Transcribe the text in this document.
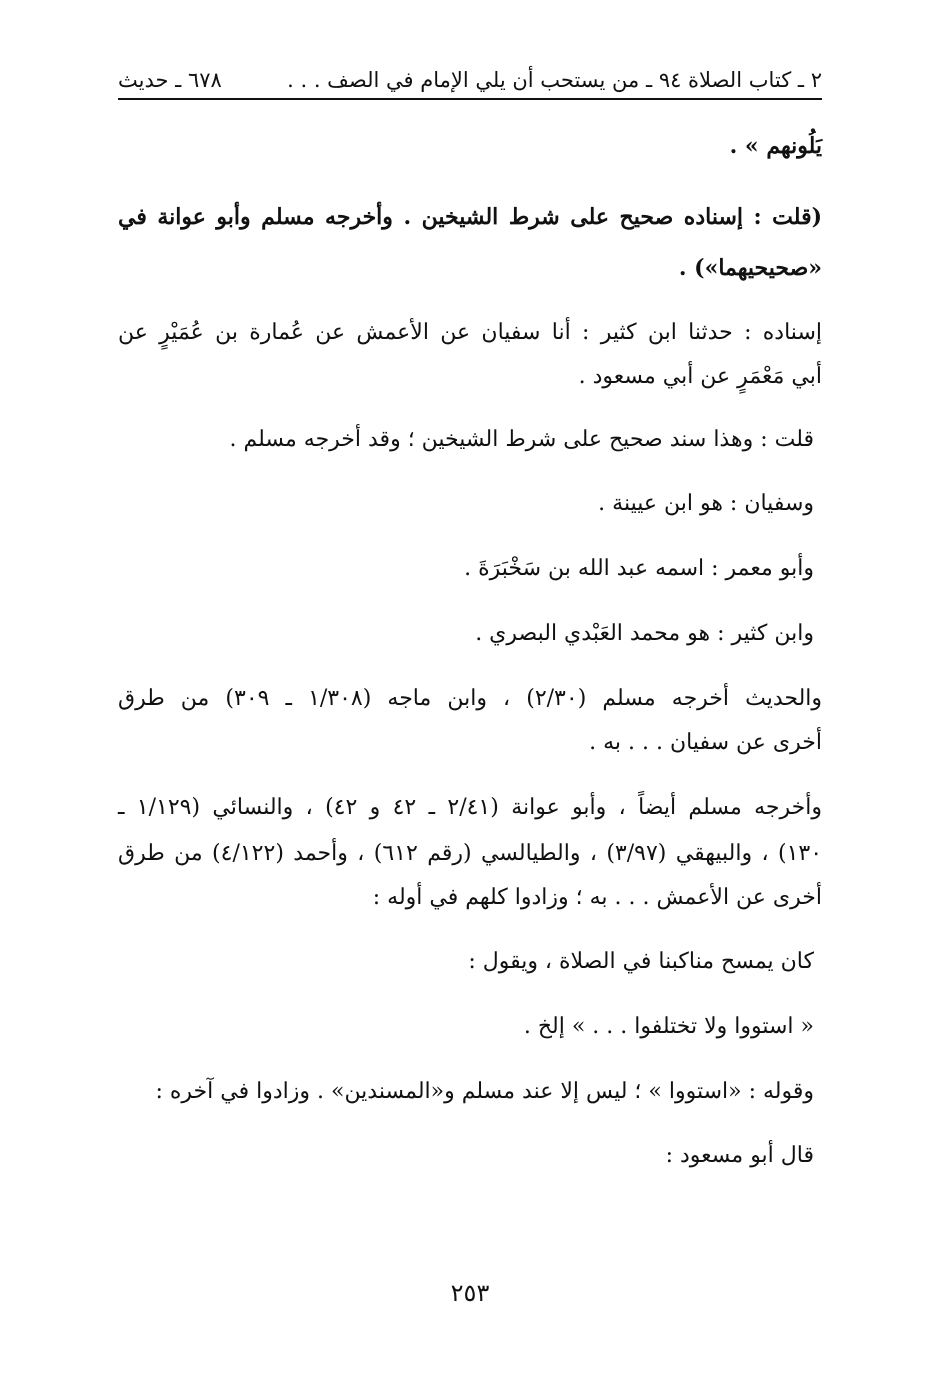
٢ ـ كتاب الصلاة ٩٤ ـ من يستحب أن يلي الإمام في الصف . . .
٦٧٨ ـ حديث
يَلُونهم » .
(قلت : إسناده صحيح على شرط الشيخين . وأخرجه مسلم وأبو عوانة في
«صحيحيهما») .
إسناده : حدثنا ابن كثير : أنا سفيان عن الأعمش عن عُمارة بن عُمَيْرٍ عن
أبي مَعْمَرٍ عن أبي مسعود .
قلت : وهذا سند صحيح على شرط الشيخين ؛ وقد أخرجه مسلم .
وسفيان : هو ابن عيينة .
وأبو معمر : اسمه عبد الله بن سَخْبَرَةَ .
وابن كثير : هو محمد العَبْدي البصري .
والحديث أخرجه مسلم (٢/٣٠) ، وابن ماجه (١/٣٠٨ ـ ٣٠٩) من طرق
أخرى عن سفيان . . . به .
وأخرجه مسلم أيضاً ، وأبو عوانة (٢/٤١ ـ ٤٢ و ٤٢) ، والنسائي (١/١٢٩ ـ
١٣٠) ، والبيهقي (٣/٩٧) ، والطيالسي (رقم ٦١٢) ، وأحمد (٤/١٢٢) من طرق
أخرى عن الأعمش . . . به ؛ وزادوا كلهم في أوله :
كان يمسح مناكبنا في الصلاة ، ويقول :
« استووا ولا تختلفوا . . . » إلخ .
وقوله : «استووا » ؛ ليس إلا عند مسلم و«المسندين» . وزادوا في آخره :
قال أبو مسعود :
٢٥٣
